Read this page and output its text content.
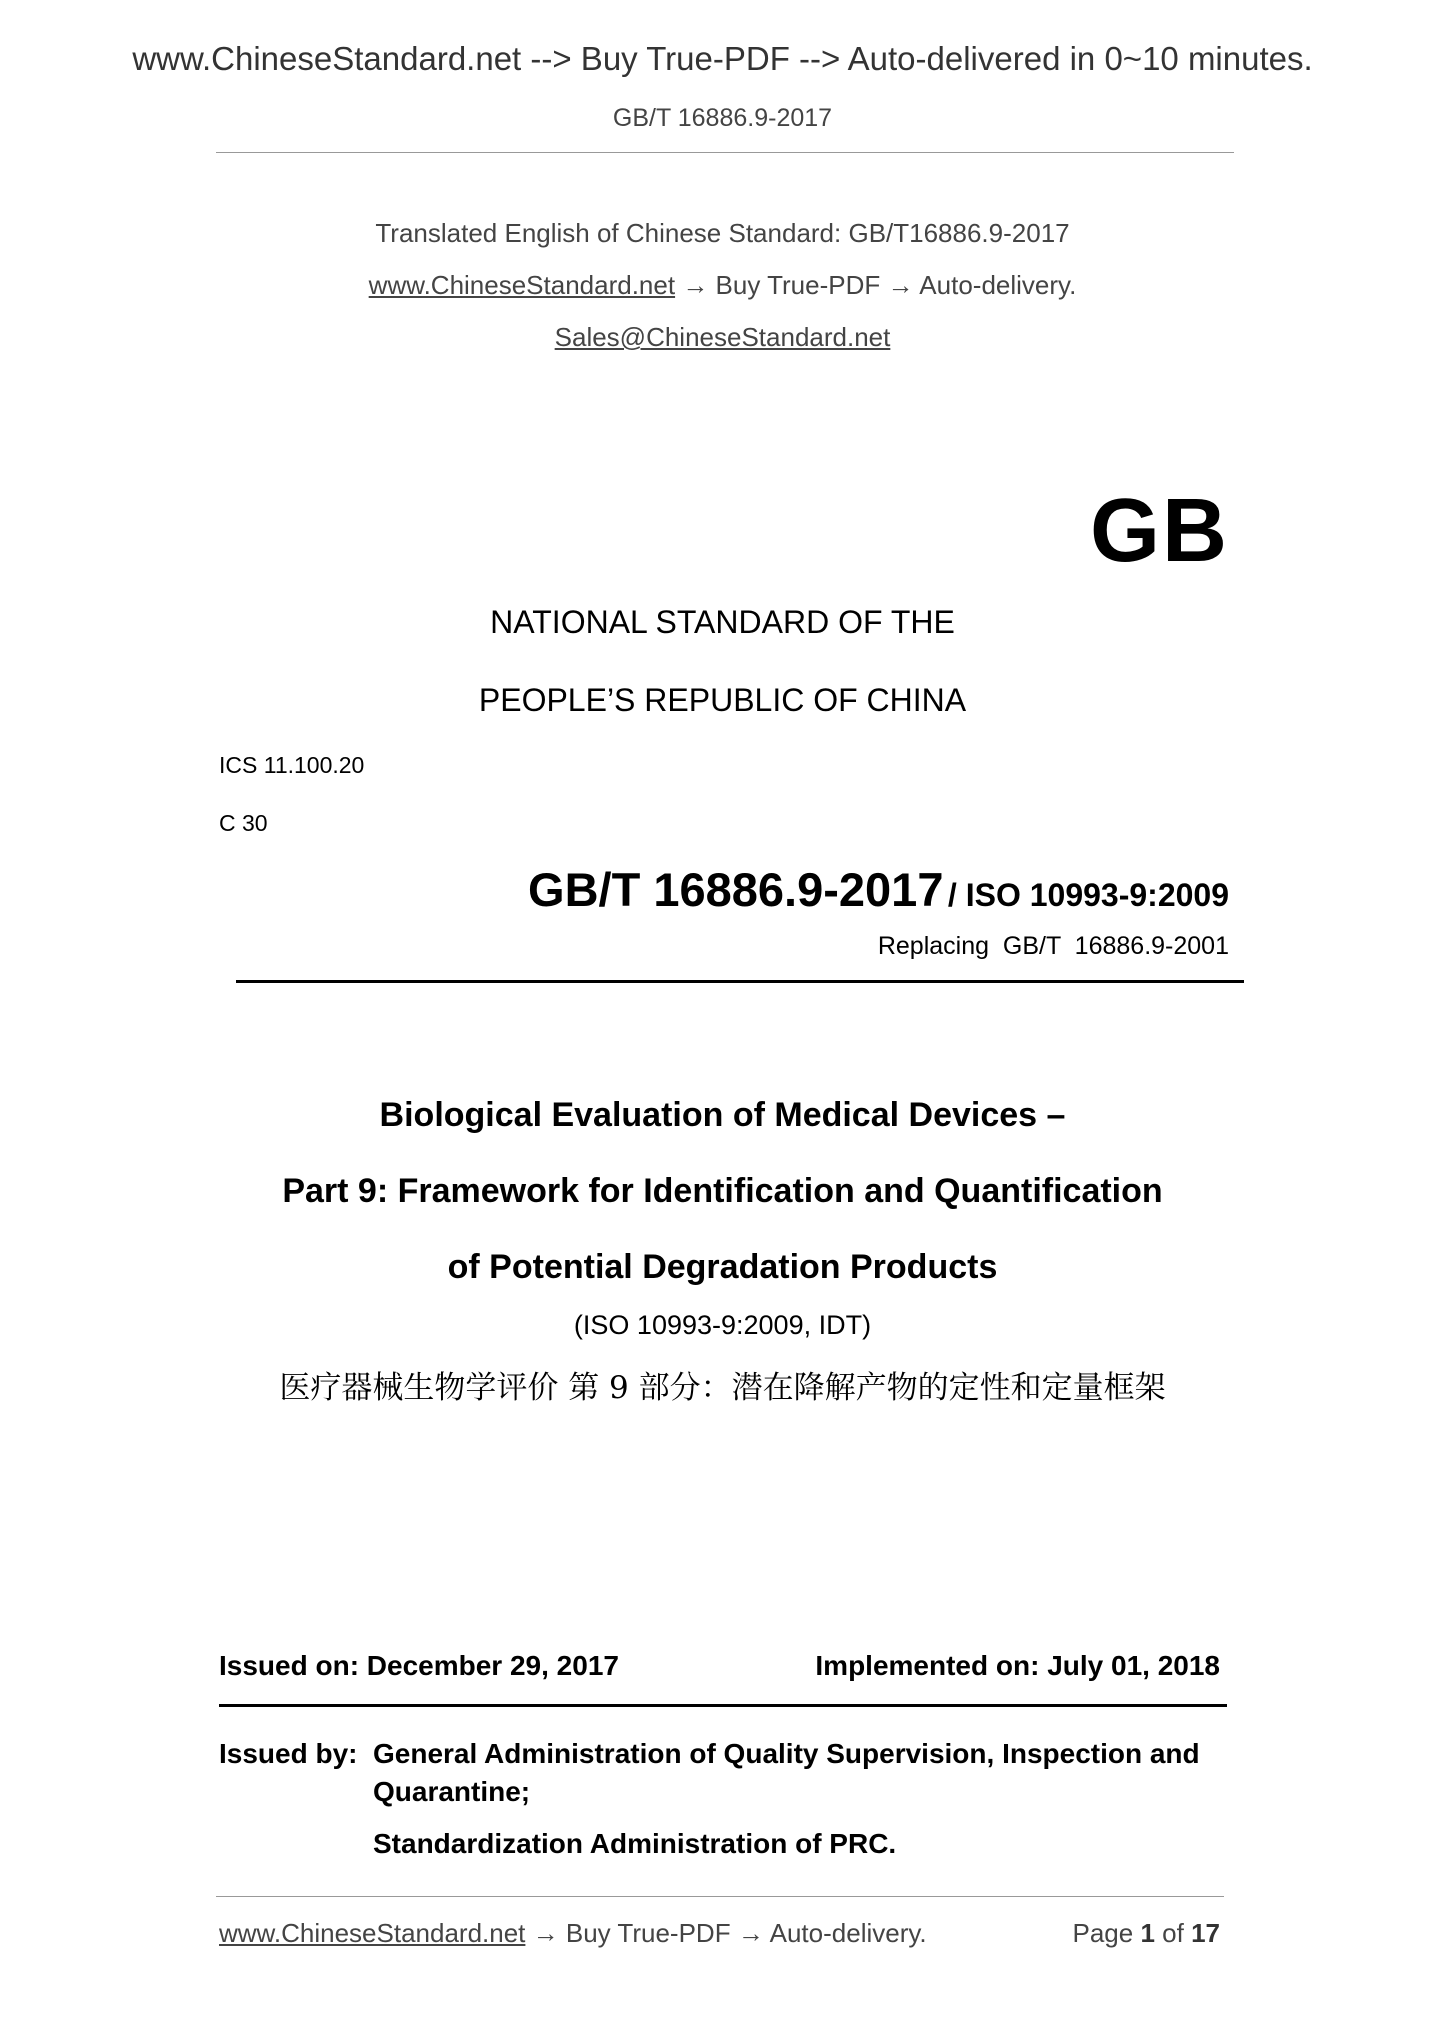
www.ChineseStandard.net --> Buy True-PDF --> Auto-delivered in 0~10 minutes.
GB/T 16886.9-2017
Translated English of Chinese Standard: GB/T16886.9-2017
www.ChineseStandard.net → Buy True-PDF → Auto-delivery.
Sales@ChineseStandard.net
GB
NATIONAL STANDARD OF THE
PEOPLE’S REPUBLIC OF CHINA
ICS 11.100.20
C 30
GB/T 16886.9-2017 / ISO 10993-9:2009
Replacing  GB/T  16886.9-2001
Biological Evaluation of Medical Devices –
Part 9: Framework for Identification and Quantification
of Potential Degradation Products
(ISO 10993-9:2009, IDT)
医疗器械生物学评价 第 9 部分：潜在降解产物的定性和定量框架
Issued on: December 29, 2017	Implemented on: July 01, 2018
Issued by: General Administration of Quality Supervision, Inspection and
Quarantine;
Standardization Administration of PRC.
www.ChineseStandard.net → Buy True-PDF → Auto-delivery.	Page 1 of 17
